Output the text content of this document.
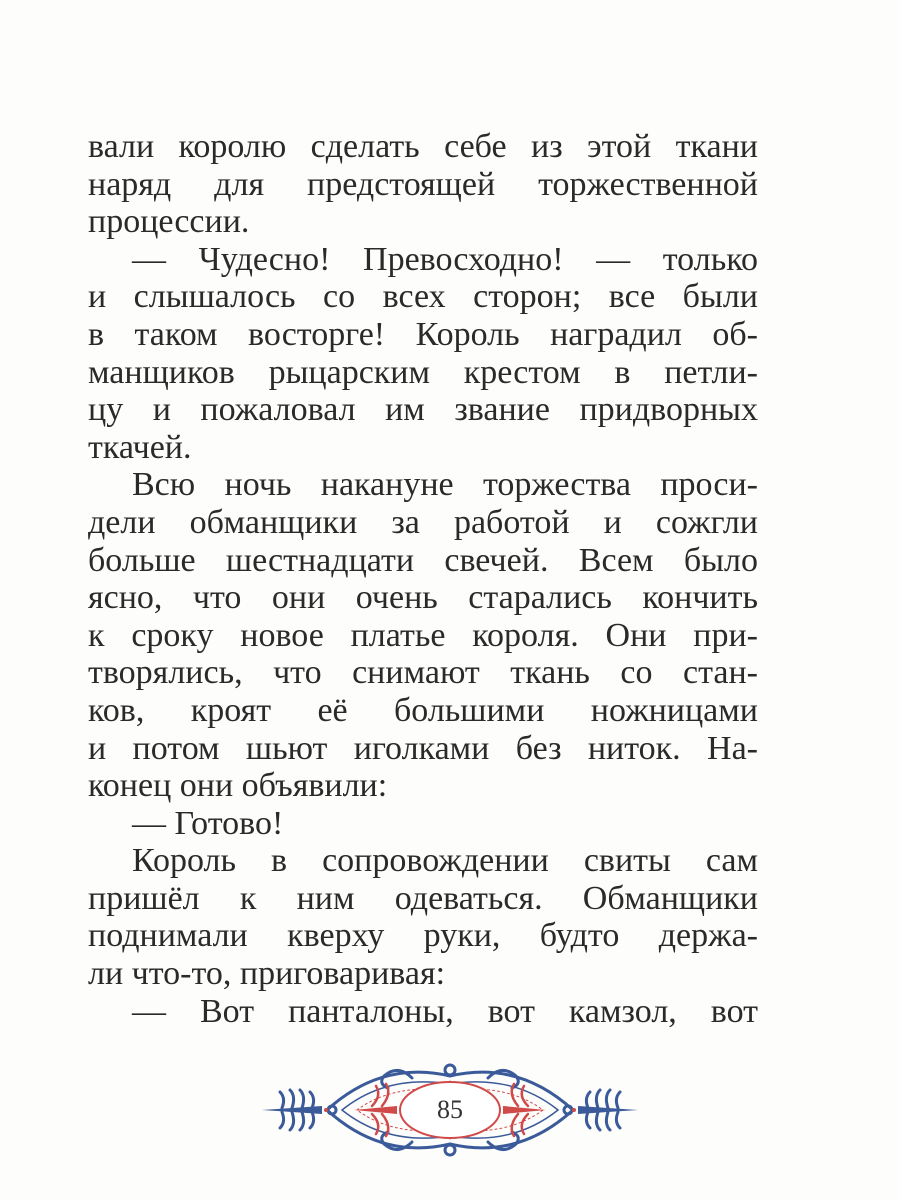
вали королю сделать себе из этой ткани
наряд для предстоящей торжественной
процессии.
— Чудесно! Превосходно! — только
и слышалось со всех сторон; все были
в таком восторге! Король наградил об-
манщиков рыцарским крестом в петли-
цу и пожаловал им звание придворных
ткачей.
Всю ночь накануне торжества проси-
дели обманщики за работой и сожгли
больше шестнадцати свечей. Всем было
ясно, что они очень старались кончить
к сроку новое платье короля. Они при-
творялись, что снимают ткань со стан-
ков, кроят её большими ножницами
и потом шьют иголками без ниток. На-
конец они объявили:
— Готово!
Король в сопровождении свиты сам
пришёл к ним одеваться. Обманщики
поднимали кверху руки, будто держа-
ли что-то, приговаривая:
— Вот панталоны, вот камзол, вот
85
